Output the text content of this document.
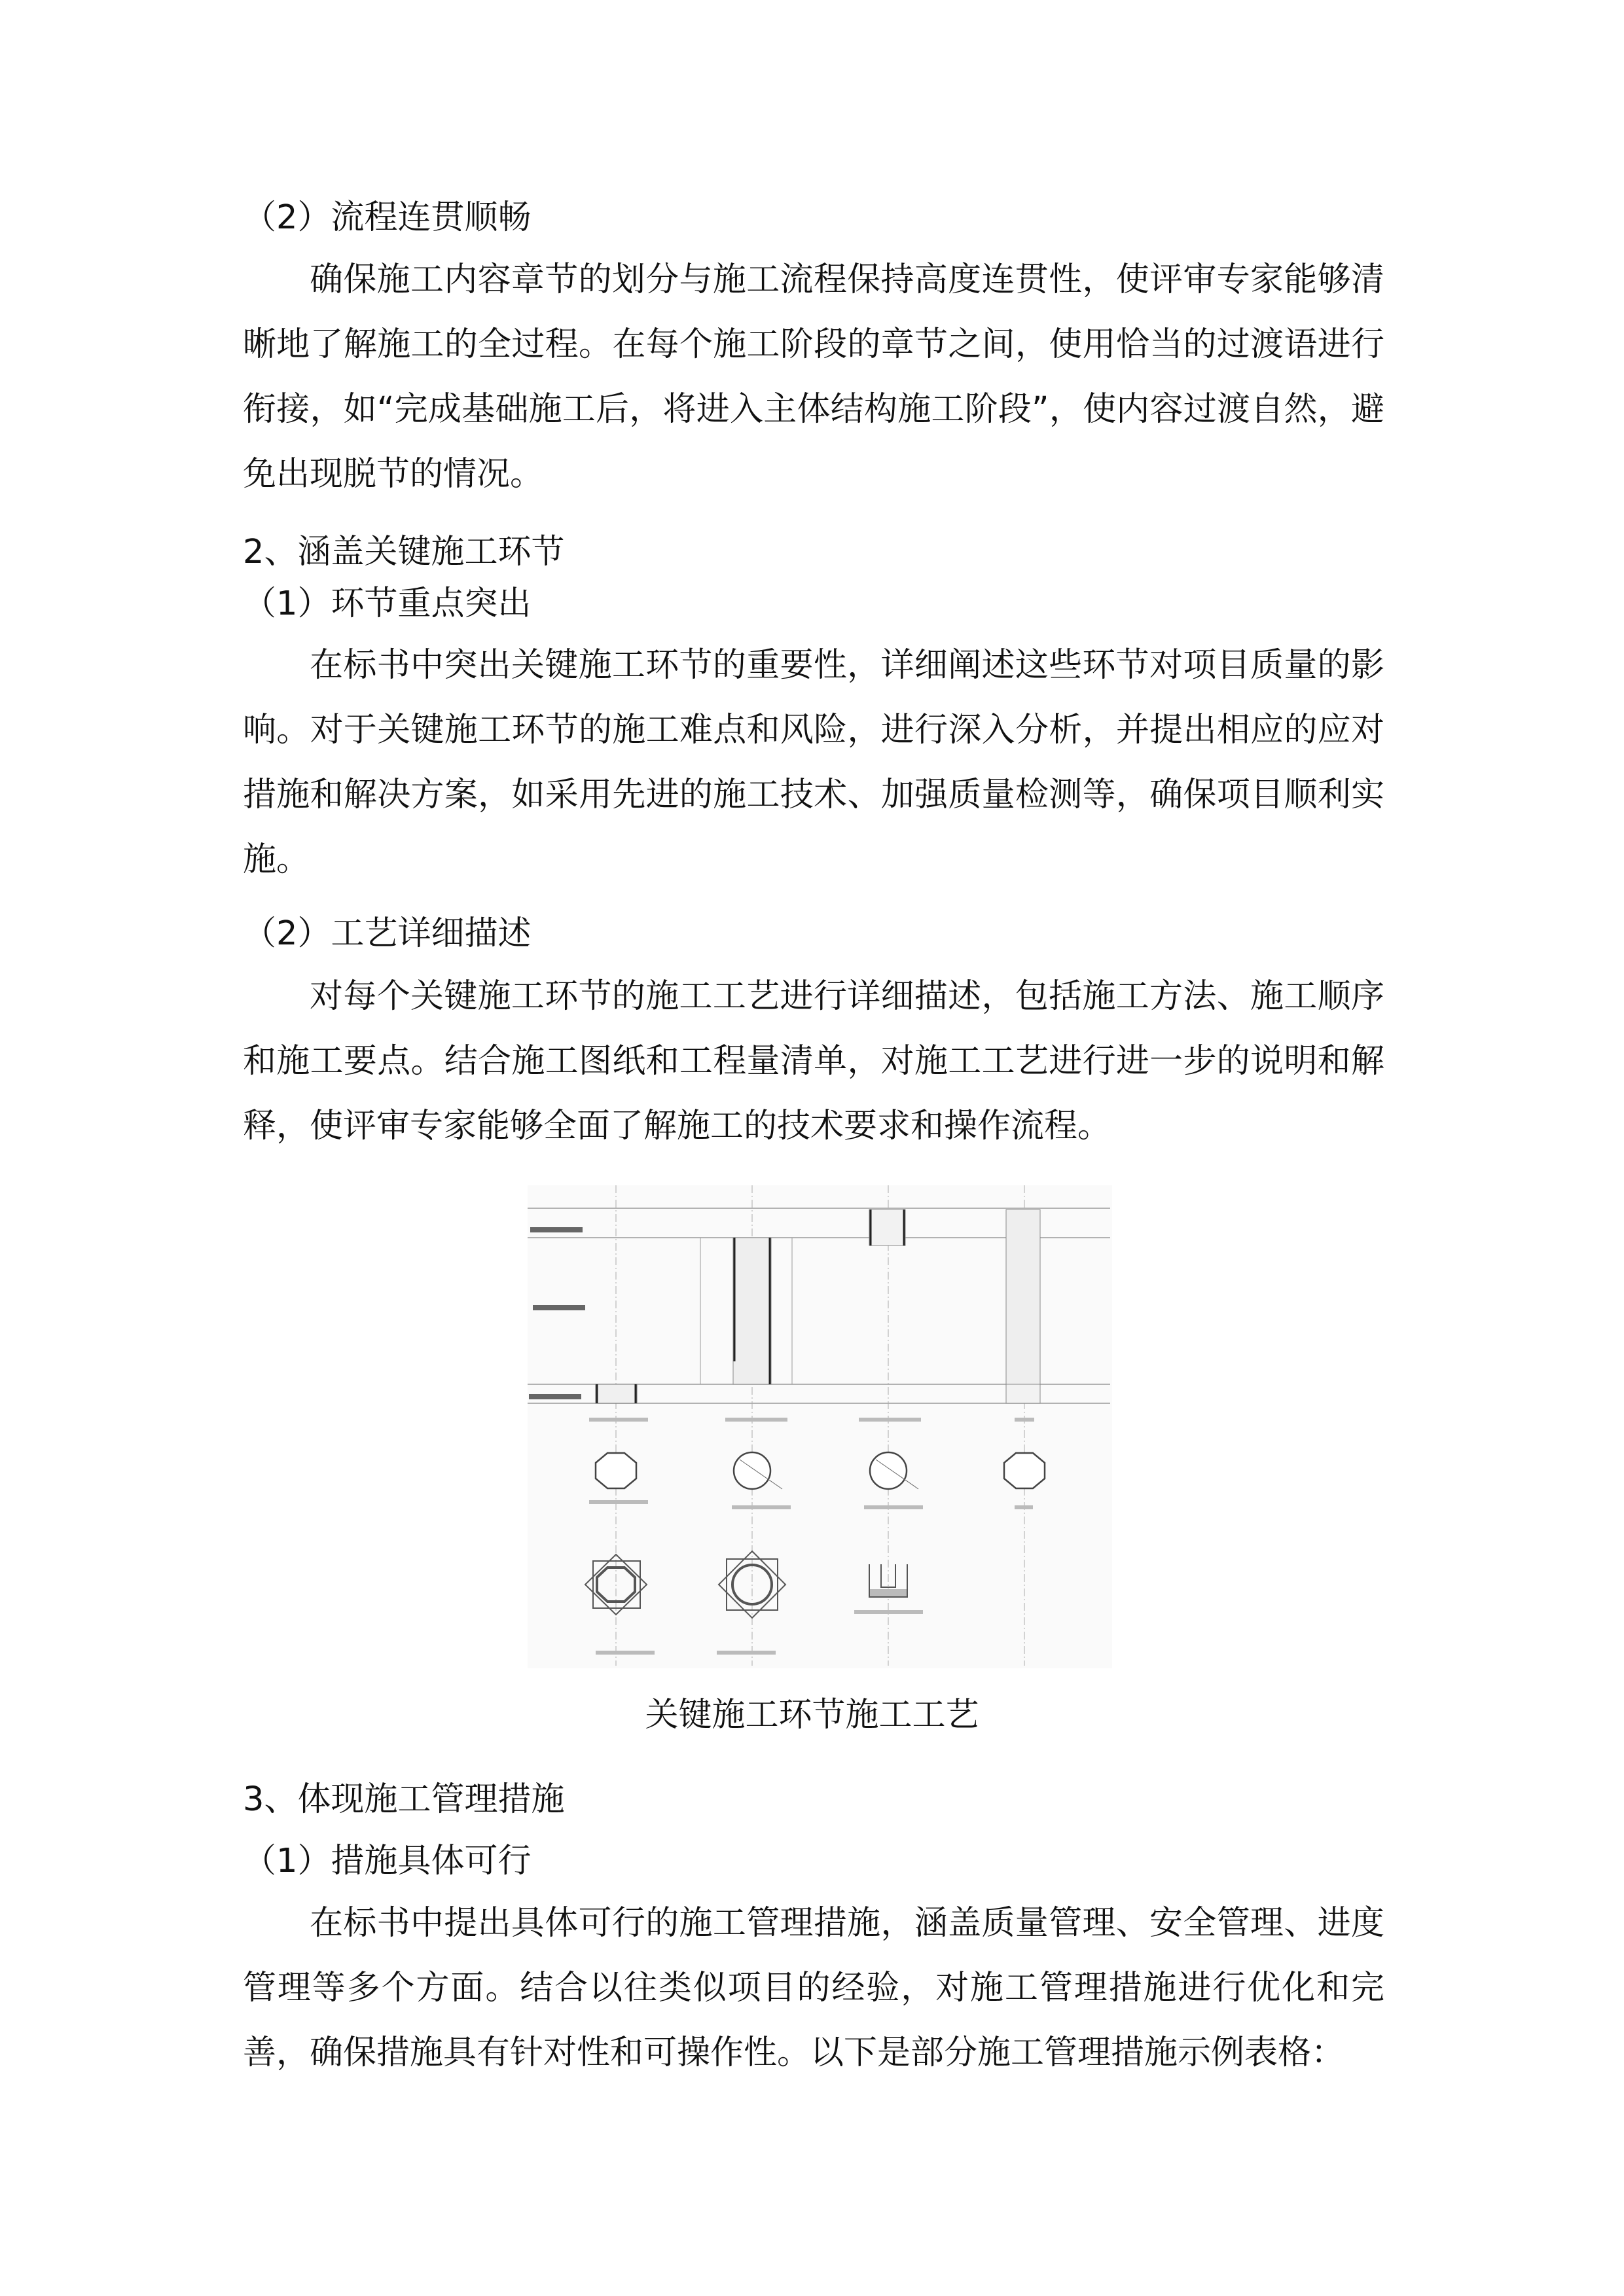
（2）流程连贯顺畅
确保施工内容章节的划分与施工流程保持高度连贯性，使评审专家能够清晰地了解施工的全过程。在每个施工阶段的章节之间，使用恰当的过渡语进行衔接，如“完成基础施工后，将进入主体结构施工阶段”，使内容过渡自然，避免出现脱节的情况。
2、涵盖关键施工环节
（1）环节重点突出
在标书中突出关键施工环节的重要性，详细阐述这些环节对项目质量的影响。对于关键施工环节的施工难点和风险，进行深入分析，并提出相应的应对措施和解决方案，如采用先进的施工技术、加强质量检测等，确保项目顺利实施。
（2）工艺详细描述
对每个关键施工环节的施工工艺进行详细描述，包括施工方法、施工顺序和施工要点。结合施工图纸和工程量清单，对施工工艺进行进一步的说明和解释，使评审专家能够全面了解施工的技术要求和操作流程。
关键施工环节施工工艺
3、体现施工管理措施
（1）措施具体可行
在标书中提出具体可行的施工管理措施，涵盖质量管理、安全管理、进度管理等多个方面。结合以往类似项目的经验，对施工管理措施进行优化和完善，确保措施具有针对性和可操作性。以下是部分施工管理措施示例表格：
